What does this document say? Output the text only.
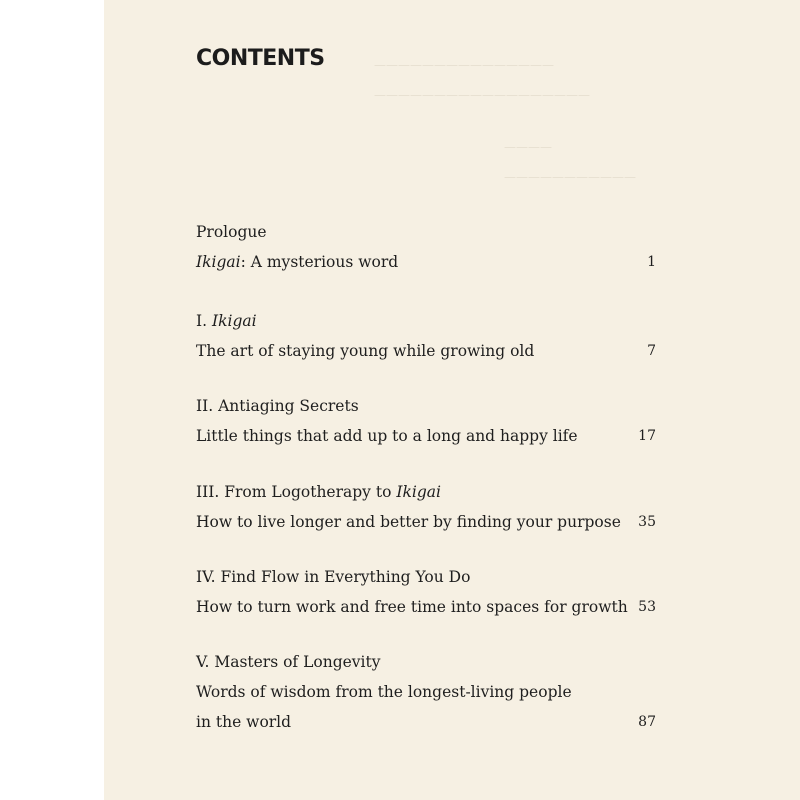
———————————————
——————————————————
————
———————————
CONTENTS
Prologue
Ikigai: A mysterious word	1
I. Ikigai
The art of staying young while growing old	7
II. Antiaging Secrets
Little things that add up to a long and happy life	17
III. From Logotherapy to Ikigai
How to live longer and better by finding your purpose 35
IV. Find Flow in Everything You Do
How to turn work and free time into spaces for growth 53
V. Masters of Longevity
Words of wisdom from the longest-living people
in the world	87
